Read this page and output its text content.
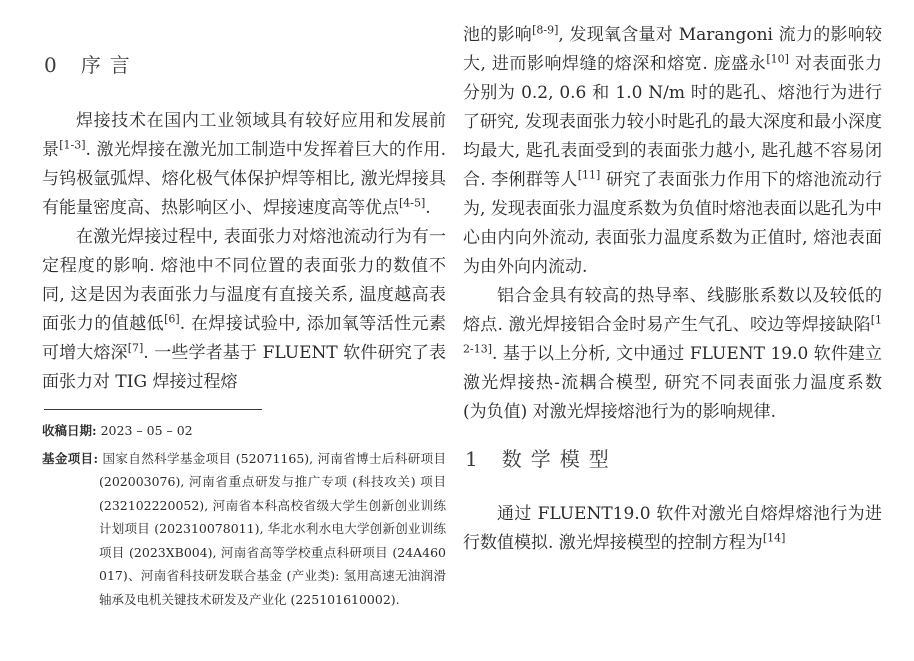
0 序言

焊接技术在国内工业领域具有较好应用和发展前景[1-3]. 激光焊接在激光加工制造中发挥着巨大的作用. 与钨极氩弧焊、熔化极气体保护焊等相比, 激光焊接具有能量密度高、热影响区小、焊接速度高等优点[4-5].

在激光焊接过程中, 表面张力对熔池流动行为有一定程度的影响. 熔池中不同位置的表面张力的数值不同, 这是因为表面张力与温度有直接关系, 温度越高表面张力的值越低[6]. 在焊接试验中, 添加氧等活性元素可增大熔深[7]. 一些学者基于 FLUENT 软件研究了表面张力对 TIG 焊接过程熔

收稿日期: 2023 – 05 – 02
基金项目: 国家自然科学基金项目 (52071165), 河南省博士后科研项目 (202003076), 河南省重点研发与推广专项 (科技攻关) 项目 (232102220052), 河南省本科高校省级大学生创新创业训练计划项目 (202310078011), 华北水利水电大学创新创业训练项目 (2023XB004), 河南省高等学校重点科研项目 (24A460017)、河南省科技研发联合基金 (产业类): 氢用高速无油润滑轴承及电机关键技术研发及产业化 (225101610002).

池的影响[8-9], 发现氧含量对 Marangoni 流力的影响较大, 进而影响焊缝的熔深和熔宽. 庞盛永[10] 对表面张力分别为 0.2, 0.6 和 1.0 N/m 时的匙孔、熔池行为进行了研究, 发现表面张力较小时匙孔的最大深度和最小深度均最大, 匙孔表面受到的表面张力越小, 匙孔越不容易闭合. 李俐群等人[11] 研究了表面张力作用下的熔池流动行为, 发现表面张力温度系数为负值时熔池表面以匙孔为中心由内向外流动, 表面张力温度系数为正值时, 熔池表面为由外向内流动.

铝合金具有较高的热导率、线膨胀系数以及较低的熔点. 激光焊接铝合金时易产生气孔、咬边等焊接缺陷[12-13]. 基于以上分析, 文中通过 FLUENT 19.0 软件建立激光焊接热-流耦合模型, 研究不同表面张力温度系数 (为负值) 对激光焊接熔池行为的影响规律.

1 数学模型

通过 FLUENT19.0 软件对激光自熔焊熔池行为进行数值模拟. 激光焊接模型的控制方程为[14]
